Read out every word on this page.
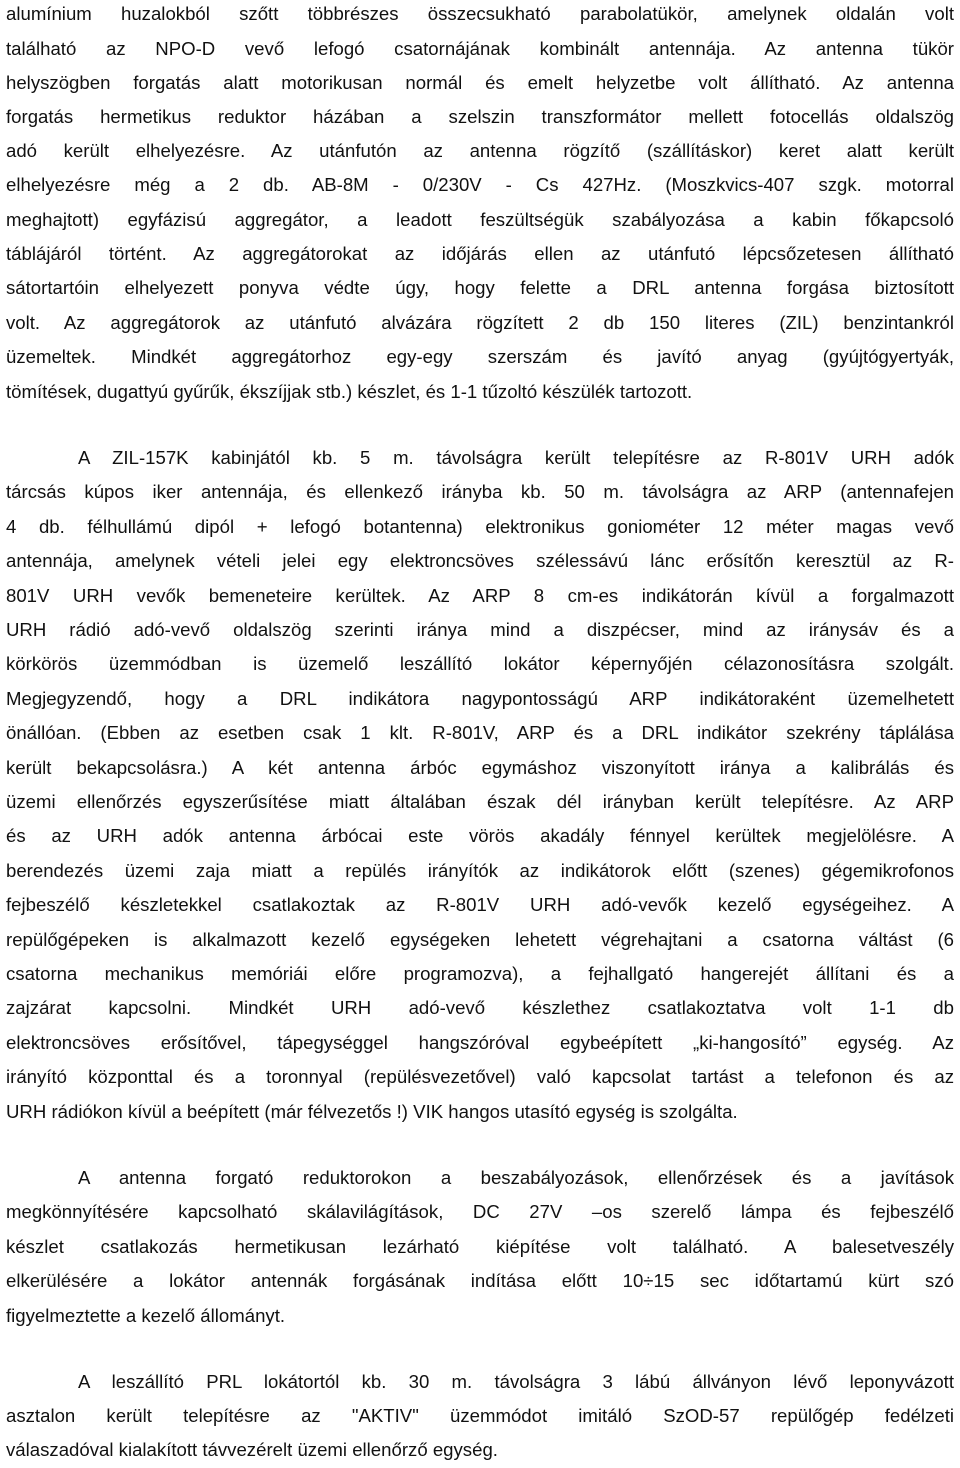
alumínium huzalokból szőtt többrészes összecsukható parabolatükör, amelynek oldalán volt
található az NPO-D vevő lefogó csatornájának kombinált antennája. Az antenna tükör
helyszögben forgatás alatt motorikusan normál és emelt helyzetbe volt állítható. Az antenna
forgatás hermetikus reduktor házában a szelszin transzformátor mellett fotocellás oldalszög
adó került elhelyezésre. Az utánfutón az antenna rögzítő (szállításkor) keret alatt került
elhelyezésre még a 2 db. AB-8M - 0/230V - Cs 427Hz. (Moszkvics-407 szgk. motorral
meghajtott) egyfázisú aggregátor, a leadott feszültségük szabályozása a kabin főkapcsoló
táblájáról történt. Az aggregátorokat az időjárás ellen az utánfutó lépcsőzetesen állítható
sátortartóin elhelyezett ponyva védte úgy, hogy felette a DRL antenna forgása biztosított
volt. Az aggregátorok az utánfutó alvázára rögzített 2 db 150 literes (ZIL) benzintankról
üzemeltek. Mindkét aggregátorhoz egy-egy szerszám és javító anyag (gyújtógyertyák,
tömítések, dugattyú gyűrűk, ékszíjjak stb.) készlet, és 1-1 tűzoltó készülék tartozott.
A ZIL-157K kabinjától kb. 5 m. távolságra került telepítésre az R-801V URH adók
tárcsás kúpos iker antennája, és ellenkező irányba kb. 50 m. távolságra az ARP (antennafejen
4 db. félhullámú dipól + lefogó botantenna) elektronikus goniométer 12 méter magas vevő
antennája, amelynek vételi jelei egy elektroncsöves szélessávú lánc erősítőn keresztül az R-
801V URH vevők bemeneteire kerültek. Az ARP 8 cm-es indikátorán kívül a forgalmazott
URH rádió adó-vevő oldalszög szerinti iránya mind a diszpécser, mind az iránysáv és a
körkörös üzemmódban is üzemelő leszállító lokátor képernyőjén célazonosításra szolgált.
Megjegyzendő, hogy a DRL indikátora nagypontosságú ARP indikátoraként üzemelhetett
önállóan. (Ebben az esetben csak 1 klt. R-801V, ARP és a DRL indikátor szekrény táplálása
került bekapcsolásra.) A két antenna árbóc egymáshoz viszonyított iránya a kalibrálás és
üzemi ellenőrzés egyszerűsítése miatt általában észak dél irányban került telepítésre. Az ARP
és az URH adók antenna árbócai este vörös akadály fénnyel kerültek megjelölésre. A
berendezés üzemi zaja miatt a repülés irányítók az indikátorok előtt (szenes) gégemikrofonos
fejbeszélő készletekkel csatlakoztak az R-801V URH adó-vevők kezelő egységeihez. A
repülőgépeken is alkalmazott kezelő egységeken lehetett végrehajtani a csatorna váltást (6
csatorna mechanikus memóriái előre programozva), a fejhallgató hangerejét állítani és a
zajzárat kapcsolni. Mindkét URH adó-vevő készlethez csatlakoztatva volt 1-1 db
elektroncsöves erősítővel, tápegységgel hangszóróval egybeépített „ki-hangosító” egység. Az
irányító központtal és a toronnyal (repülésvezetővel) való kapcsolat tartást a telefonon és az
URH rádiókon kívül a beépített (már félvezetős !) VIK hangos utasító egység is szolgálta.
A antenna forgató reduktorokon a beszabályozások, ellenőrzések és a javítások
megkönnyítésére kapcsolható skálavilágítások, DC 27V –os szerelő lámpa és fejbeszélő
készlet csatlakozás hermetikusan lezárható kiépítése volt található. A balesetveszély
elkerülésére a lokátor antennák forgásának indítása előtt 10÷15 sec időtartamú kürt szó
figyelmeztette a kezelő állományt.
A leszállító PRL lokátortól kb. 30 m. távolságra 3 lábú állványon lévő leponyvázott
asztalon került telepítésre az "AKTIV" üzemmódot imitáló SzOD-57 repülőgép fedélzeti
válaszadóval kialakított távvezérelt üzemi ellenőrző egység.
